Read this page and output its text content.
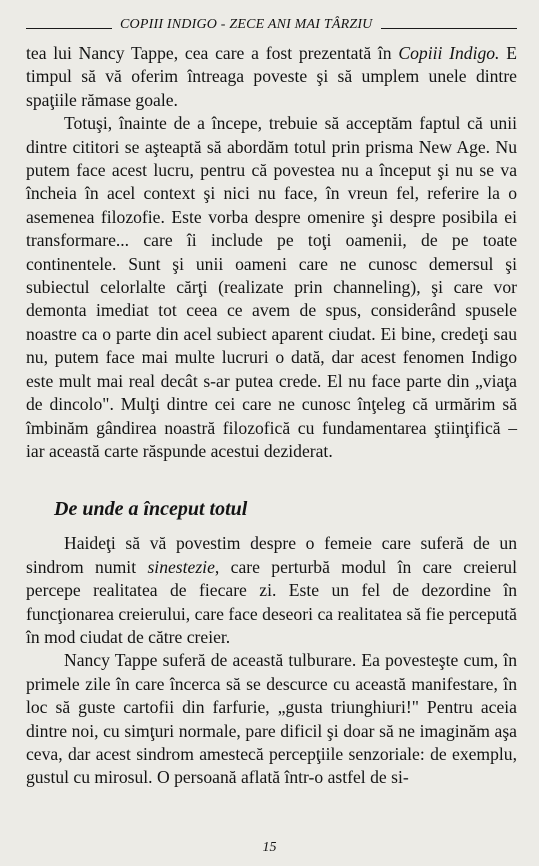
COPIII INDIGO - ZECE ANI MAI TÂRZIU

tea lui Nancy Tappe, cea care a fost prezentată în Copiii Indigo. E timpul să vă oferim întreaga poveste şi să umplem unele dintre spaţiile rămase goale.

Totuşi, înainte de a începe, trebuie să acceptăm faptul că unii dintre cititori se aşteaptă să abordăm totul prin prisma New Age. Nu putem face acest lucru, pentru că povestea nu a început şi nu se va încheia în acel context şi nici nu face, în vreun fel, referire la o asemenea filozofie. Este vorba despre omenire şi despre posibila ei transformare... care îi include pe toţi oamenii, de pe toate continentele. Sunt şi unii oameni care ne cunosc demersul şi subiectul celorlalte cărţi (realizate prin channeling), şi care vor demonta imediat tot ceea ce avem de spus, considerând spusele noastre ca o parte din acel subiect aparent ciudat. Ei bine, credeţi sau nu, putem face mai multe lucruri o dată, dar acest fenomen Indigo este mult mai real decât s-ar putea crede. El nu face parte din „viaţa de dincolo". Mulţi dintre cei care ne cunosc înţeleg că urmărim să îmbinăm gândirea noastră filozofică cu fundamentarea ştiinţifică – iar această carte răspunde acestui deziderat.

De unde a început totul

Haideţi să vă povestim despre o femeie care suferă de un sindrom numit sinestezie, care perturbă modul în care creierul percepe realitatea de fiecare zi. Este un fel de dezordine în funcţionarea creierului, care face deseori ca realitatea să fie percepută în mod ciudat de către creier.

Nancy Tappe suferă de această tulburare. Ea povesteşte cum, în primele zile în care încerca să se descurce cu această manifestare, în loc să guste cartofii din farfurie, „gusta triunghiuri!" Pentru aceia dintre noi, cu simţuri normale, pare dificil şi doar să ne imaginăm aşa ceva, dar acest sindrom amestecă percepţiile senzoriale: de exemplu, gustul cu mirosul. O persoană aflată într-o astfel de si-

15
